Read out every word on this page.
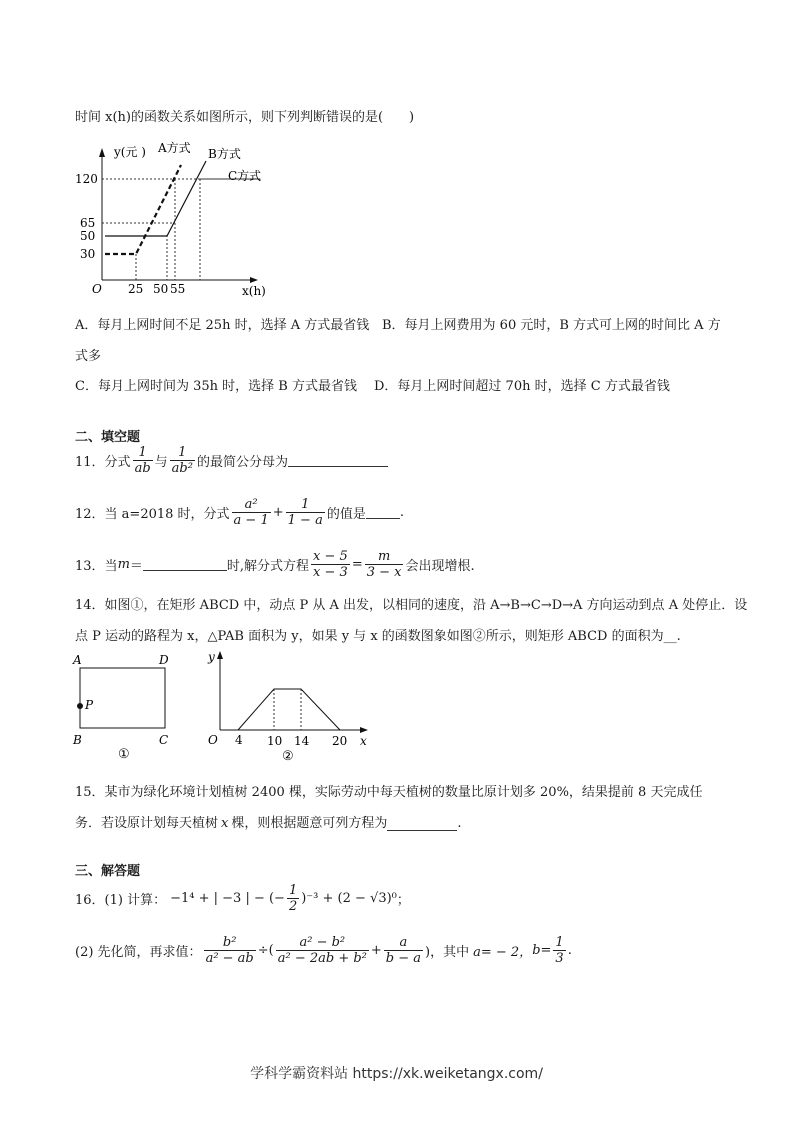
时间 x(h)的函数关系如图所示，则下列判断错误的是(　　)
y(元 ) A方式 B方式
C方式
120
65
50
30
O 25 50 55	x(h)
A．每月上网时间不足 25h 时，选择 A 方式最省钱 B．每月上网费用为 60 元时，B 方式可上网的时间比 A 方
式多
C．每月上网时间为 35h 时，选择 B 方式最省钱 D．每月上网时间超过 70h 时，选择 C 方式最省钱
二、填空题
11． 分式 $\frac{1}{ab}$ 与 $\frac{1}{\text{ab²}}$ 的最简公分母为
12． 当 a=2018 时，分式 $\frac{\text{a²}}{a - 1} + \frac{1}{1 - a}$ 的值是	.
13． 当 m ＝	时,解分式方程 $\frac{x - 5}{x - 3} = \frac{m}{3 - x}$ 会出现增根.
14．如图①，在矩形 ABCD 中，动点 P 从 A 出发，以相同的速度，沿 A→B→C→D→A 方向运动到点 A 处停止．设
点 P 运动的路程为 x，△PAB 面积为 y，如果 y 与 x 的函数图象如图②所示，则矩形 ABCD 的面积为__.
A	D
B	C
P
①
y
O 4 10 14 20 x
②
15．某市为绿化环境计划植树 2400 棵，实际劳动中每天植树的数量比原计划多 20%，结果提前 8 天完成任
务．若设原计划每天植树 x 棵，则根据题意可列方程为	.
三、解答题
16． (1) 计算： −1⁴ + | −3 | − (− $\frac{1}{2} )^{-3} + (2 - √3)^0$ ；
(2) 先化简，再求值： $\frac{\text{b²}}{\text{a² − ab}}$ ÷( $\frac{\text{a² − b²}}{\text{a² − 2ab + b²}} + \frac{a}{b - a}$ )，其中 a= − 2， $b= \frac{1}{3}$ .
学科学霸资料站 https://xk.weiketangx.com/
